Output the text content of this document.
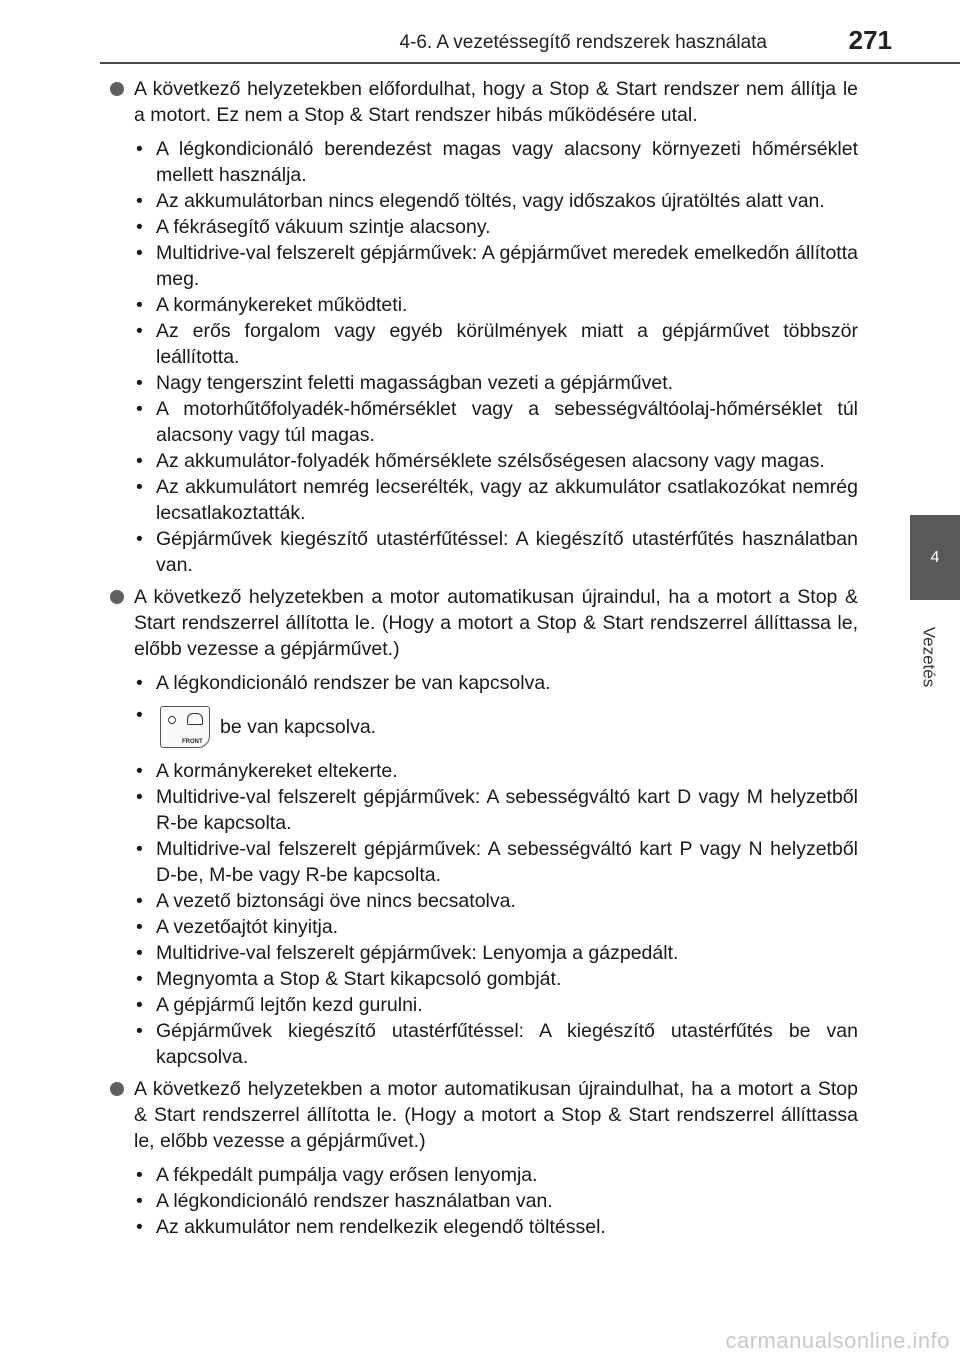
4-6. A vezetéssegítő rendszerek használata	271
4
Vezetés

A következő helyzetekben előfordulhat, hogy a Stop & Start rendszer nem állítja le a motort. Ez nem a Stop & Start rendszer hibás működésére utal.

• A légkondicionáló berendezést magas vagy alacsony környezeti hőmérséklet mellett használja.
• Az akkumulátorban nincs elegendő töltés, vagy időszakos újratöltés alatt van.
• A fékrásegítő vákuum szintje alacsony.
• Multidrive-val felszerelt gépjárművek: A gépjárművet meredek emelkedőn állította meg.
• A kormánykereket működteti.
• Az erős forgalom vagy egyéb körülmények miatt a gépjárművet többször leállította.
• Nagy tengerszint feletti magasságban vezeti a gépjárművet.
• A motorhűtőfolyadék-hőmérséklet vagy a sebességváltóolaj-hőmérséklet túl alacsony vagy túl magas.
• Az akkumulátor-folyadék hőmérséklete szélsőségesen alacsony vagy magas.
• Az akkumulátort nemrég lecserélték, vagy az akkumulátor csatlakozókat nemrég lecsatlakoztatták.
• Gépjárművek kiegészítő utastérfűtéssel: A kiegészítő utastérfűtés használatban van.

A következő helyzetekben a motor automatikusan újraindul, ha a motort a Stop & Start rendszerrel állította le. (Hogy a motort a Stop & Start rendszerrel állíttassa le, előbb vezesse a gépjárművet.)

• A légkondicionáló rendszer be van kapcsolva.
•
FRONT
be van kapcsolva.
• A kormánykereket eltekerte.
• Multidrive-val felszerelt gépjárművek: A sebességváltó kart D vagy M helyzetből R-be kapcsolta.
• Multidrive-val felszerelt gépjárművek: A sebességváltó kart P vagy N helyzetből D-be, M-be vagy R-be kapcsolta.
• A vezető biztonsági öve nincs becsatolva.
• A vezetőajtót kinyitja.
• Multidrive-val felszerelt gépjárművek: Lenyomja a gázpedált.
• Megnyomta a Stop & Start kikapcsoló gombját.
• A gépjármű lejtőn kezd gurulni.
• Gépjárművek kiegészítő utastérfűtéssel: A kiegészítő utastérfűtés be van kapcsolva.

A következő helyzetekben a motor automatikusan újraindulhat, ha a motort a Stop & Start rendszerrel állította le. (Hogy a motort a Stop & Start rendszerrel állíttassa le, előbb vezesse a gépjárművet.)

• A fékpedált pumpálja vagy erősen lenyomja.
• A légkondicionáló rendszer használatban van.
• Az akkumulátor nem rendelkezik elegendő töltéssel.
carmanualsonline.info
